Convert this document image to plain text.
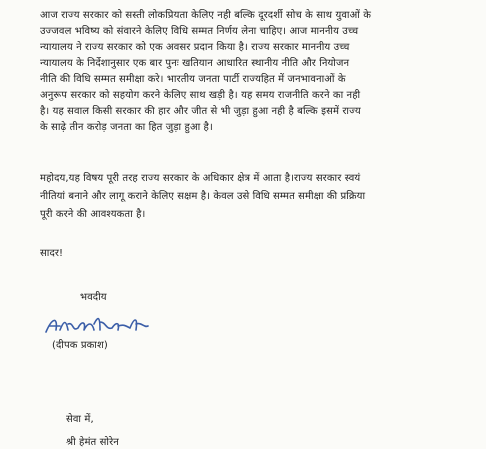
आज राज्य सरकार को सस्ती लोकप्रियता केलिए नही बल्कि दूरदर्शी सोच के साथ युवाओं के
उज्जवल भविष्य को संवारने केलिए विधि सम्मत निर्णय लेना चाहिए। आज माननीय उच्च
न्यायालय ने राज्य सरकार को एक अवसर प्रदान किया है। राज्य सरकार माननीय उच्च
न्यायालय के निर्देशानुसार एक बार पुनः खतियान आधारित स्थानीय नीति और नियोजन
नीति की विधि सम्मत समीक्षा करे। भारतीय जनता पार्टी राज्यहित में जनभावनाओं के
अनुरूप सरकार को सहयोग करने केलिए साथ खड़ी है। यह समय राजनीति करने का नही
है। यह सवाल किसी सरकार की हार और जीत से भी जुड़ा हुआ नही है बल्कि इसमें राज्य
के साढ़े तीन करोड़ जनता का हित जुड़ा हुआ है।
महोदय,यह विषय पूरी तरह राज्य सरकार के अधिकार क्षेत्र में आता है।राज्य सरकार स्वयं
नीतियां बनाने और लागू कराने केलिए सक्षम है। केवल उसे विधि सम्मत समीक्षा की प्रक्रिया
पूरी करने की आवश्यकता है।
सादर!
भवदीय
(दीपक प्रकाश)
सेवा में,
श्री हेमंत सोरेन
